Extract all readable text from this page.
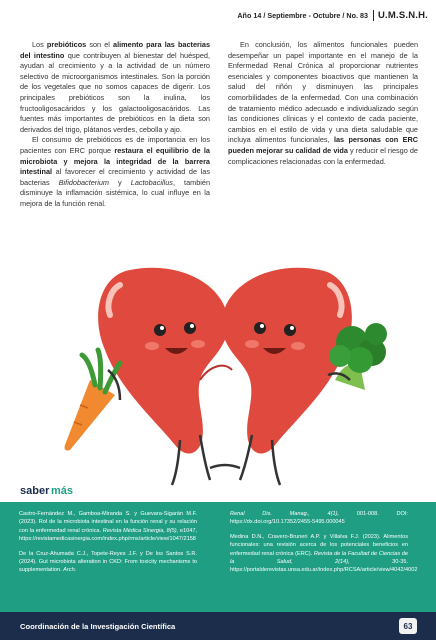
Año 14 / Septiembre - Octubre / No. 83	U.M.S.N.H.

Los prebióticos son el alimento para las bacterias del intestino que contribuyen al bienestar del huésped, ayudan al crecimiento y a la actividad de un número selectivo de microorganismos intestinales. Son la porción de los vegetales que no somos capaces de digerir. Los principales prebióticos son la inulina, los fructooligosacáridos y los galactooligosacáridos. Las fuentes más importantes de prebióticos en la dieta son derivados del trigo, plátanos verdes, cebolla y ajo.

El consumo de prebióticos es de importancia en los pacientes con ERC porque restaura el equilibrio de la microbiota y mejora la integridad de la barrera intestinal al favorecer el crecimiento y actividad de las bacterias Bifidobacterium y Lactobacillus, también disminuye la inflamación sistémica, lo cual influye en la mejora de la función renal.

En conclusión, los alimentos funcionales pueden desempeñar un papel importante en el manejo de la Enfermedad Renal Crónica al proporcionar nutrientes esenciales y componentes bioactivos que mantienen la salud del riñón y disminuyen las principales comorbilidades de la enfermedad. Con una combinación de tratamiento médico adecuado e individualizado según las condiciones clínicas y el contexto de cada paciente, cambios en el estilo de vida y una dieta saludable que incluya alimentos funcionales, las personas con ERC pueden mejorar su calidad de vida y reducir el riesgo de complicaciones relacionadas con la enfermedad.

saber más

Castro-Fernández M., Gamboa-Miranda S. y Guevara-Sigarán M.F. (2023). Rol de la microbiota intestinal en la función renal y su relación con la enfermedad renal crónica. Revista Médica Sinergia, 8(5), e1047, https://revistamedicasinergia.com/index.php/rms/article/view/1047/2158

De la Cruz-Ahumada C.J., Topete-Reyes J.F. y De los Santos S.R. (2024). Gut microbiota alteration in CKD: From toxicity mechanisms to supplementation. Arch.

Renal Dis. Manag., 4(1), 001-008. DOI: https://dx.doi.org/10.17352/2455-5495.000045

Medina D.N., Cravero-Bruneri A.P. y Villalva F.J. (2023). Alimentos funcionales: una revisión acerca de los potenciales beneficios en enfermedad renal crónica (ERC). Revista de la Facultad de Ciencias de la Salud, 2(14), 30-35. https://portalderevistas.unsa.edu.ar/index.php/RCSA/article/view/4042/4002

Coordinación de la Investigación Científica	63
